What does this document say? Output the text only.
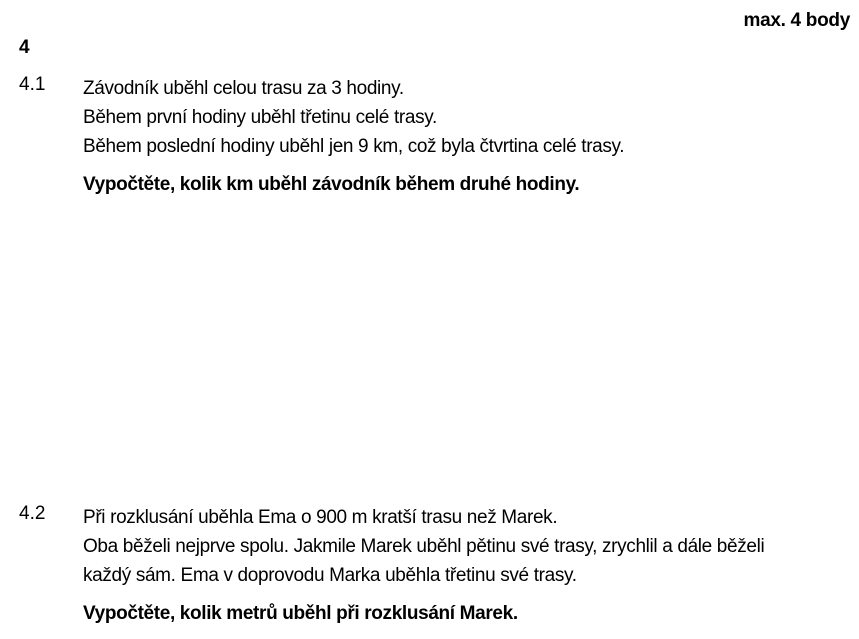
max. 4 body
4
4.1 Závodník uběhl celou trasu za 3 hodiny.

Během první hodiny uběhl třetinu celé trasy.

Během poslední hodiny uběhl jen 9 km, což byla čtvrtina celé trasy.

Vypočtěte, kolik km uběhl závodník během druhé hodiny.

4.2 Při rozklusání uběhla Ema o 900 m kratší trasu než Marek.

Oba běželi nejprve spolu. Jakmile Marek uběhl pětinu své trasy, zrychlil a dále běželi

každý sám. Ema v doprovodu Marka uběhla třetinu své trasy.

Vypočtěte, kolik metrů uběhl při rozklusání Marek.
